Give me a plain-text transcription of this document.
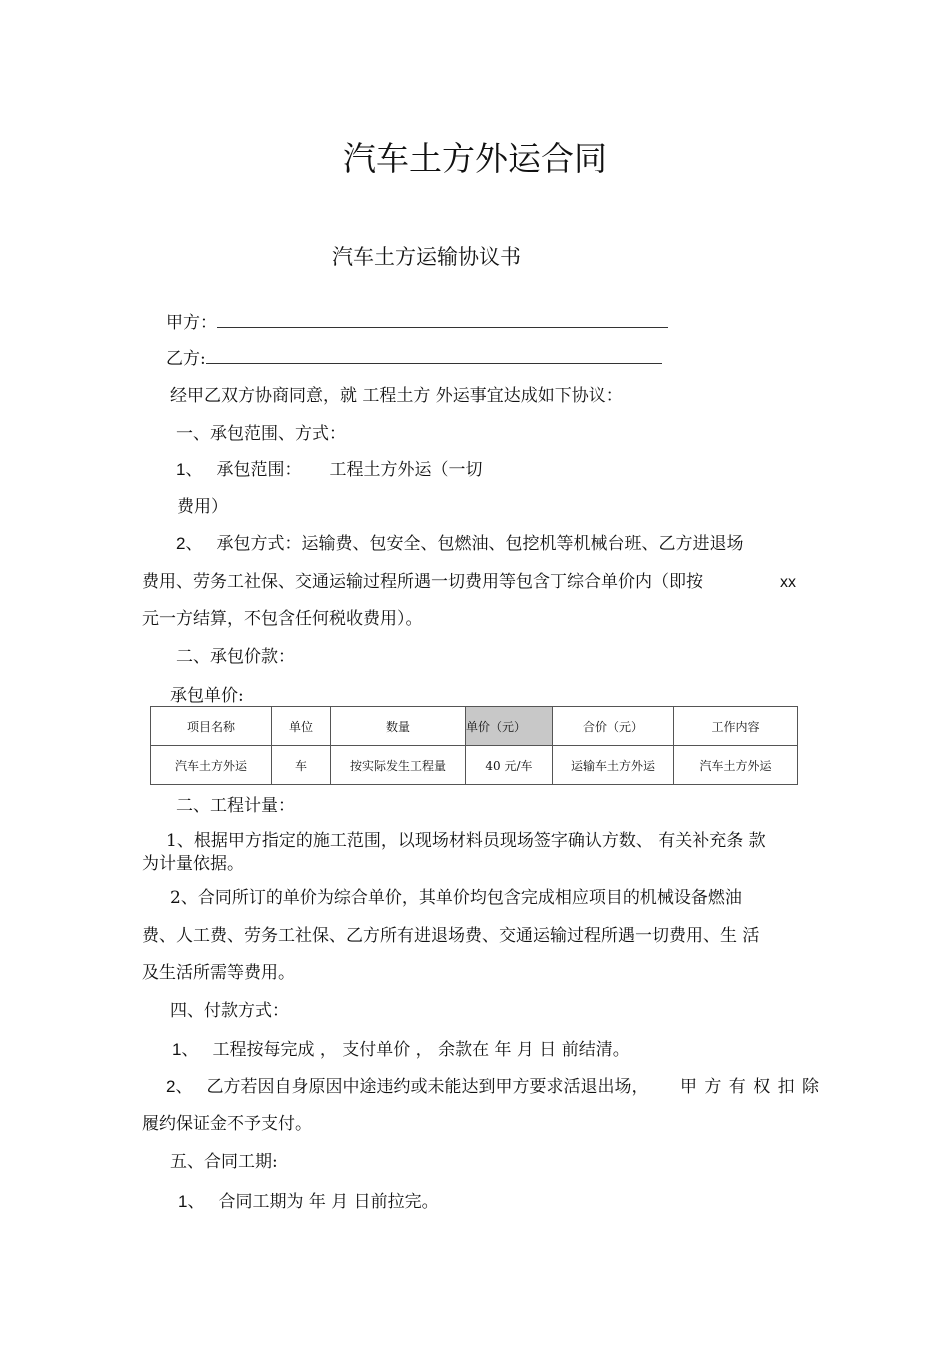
汽车土方外运合同
汽车土方运输协议书
甲方：
乙方:
经甲乙双方协商同意，就 工程土方 外运事宜达成如下协议：
一、承包范围、方式：
1、 承包范围： 工程土方外运（一切
费用）
2、 承包方式：运输费、包安全、包燃油、包挖机等机械台班、乙方进退场
费用、劳务工社保、交通运输过程所遇一切费用等包含丁综合单价内（即按	xx
元一方结算，不包含任何税收费用）。
二、承包价款：
承包单价:
项目名称	单位	数量	单价（元）	合价（元）	工作内容
汽车土方外运	车	按实际发生工程量	40 元/车	运输车土方外运	汽车土方外运
二、工程计量：
1、根据甲方指定的施工范围，以现场材料员现场签字确认方数、 有关补充条 款
为计量依据。
2、合同所订的单价为综合单价，其单价均包含完成相应项目的机械设备燃油
费、人工费、劳务工社保、乙方所有进退场费、交通运输过程所遇一切费用、生 活
及生活所需等费用。
四、付款方式：
1、 工程按每完成 ， 支付单价 ， 余款在 年 月 日 前结清。
2、 乙方若因自身原因中途违约或未能达到甲方要求活退出场， 甲 方 有 权 扣 除
履约保证金不予支付。
五、合同工期:
1、 合同工期为 年 月 日前拉完。
